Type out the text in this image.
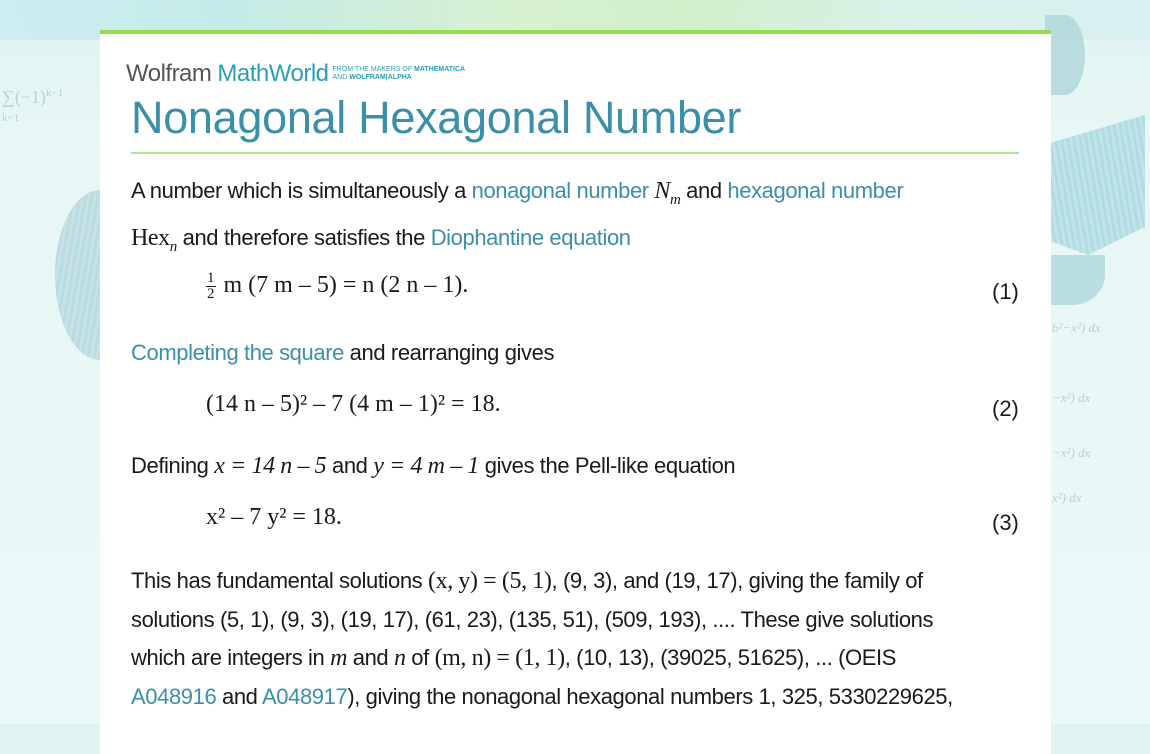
$\sum(-1)^{k-1}$
k=1
b²−x²) dx
−x²) dx
−x²) dx
x²) dx
Wolfram MathWorld FROM THE MAKERS OF MATHEMATICA
AND WOLFRAM|ALPHA
Nonagonal Hexagonal Number
A number which is simultaneously a nonagonal number $N_m$ and hexagonal number
Hex$_n$ and therefore satisfies the Diophantine equation
$\frac{1}{2}$ m (7 m – 5) = n (2 n – 1).	(1)
Completing the square and rearranging gives
(14 n – 5)² – 7 (4 m – 1)² = 18.	(2)
Defining x = 14 n – 5 and y = 4 m – 1 gives the Pell-like equation
x² – 7 y² = 18.	(3)
This has fundamental solutions (x, y) = (5, 1), (9, 3), and (19, 17), giving the family of
solutions (5, 1), (9, 3), (19, 17), (61, 23), (135, 51), (509, 193), .... These give solutions
which are integers in m and n of (m, n) = (1, 1), (10, 13), (39025, 51625), ... (OEIS
A048916 and A048917), giving the nonagonal hexagonal numbers 1, 325, 5330229625,
